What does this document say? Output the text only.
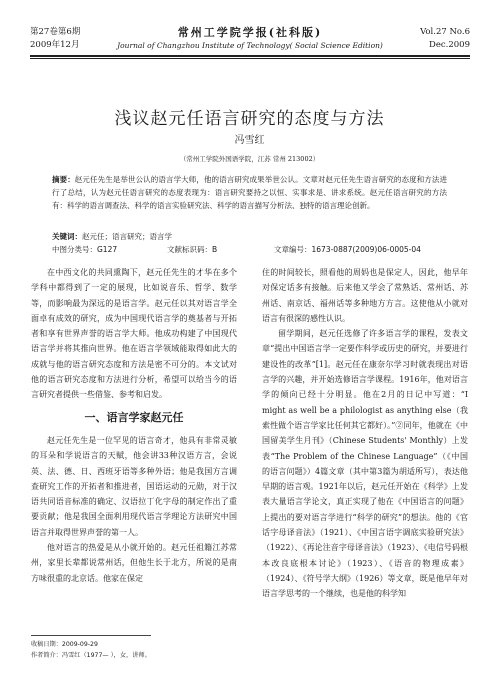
第27卷第6期	常州工学院学报(社科版)	Vol.27 No.6
2009年12月	Journal of Changzhou Institute of Technology( Social Science Edition)	Dec.2009
浅议赵元任语言研究的态度与方法
冯雪红
（常州工学院外国语学院，江苏 常州 213002）
摘要：赵元任先生是举世公认的语言学大师，他的语言研究成果举世公认。文章对赵元任先生语言研究的态度和方法进行了总结，认为赵元任语言研究的态度表现为：语言研究要持之以恒、实事求是、讲求系统。赵元任语言研究的方法有：科学的语言调查法、科学的语言实验研究法、科学的语言描写分析法、独特的语言理论创新。
关键词：赵元任；语言研究；语言学
中图分类号：G127	文献标识码：B	文章编号：1673-0887(2009)06-0005-04

在中西文化的共同熏陶下，赵元任先生的才华在多个学科中都得到了一定的展现，比如说音乐、哲学、数学等，而影响最为深远的是语言学。赵元任以其对语言学全面卓有成效的研究，成为中国现代语言学的奠基者与开拓者和享有世界声誉的语言学大师。他成功构建了中国现代语言学并将其推向世界。他在语言学领域能取得如此大的成就与他的语言研究态度和方法是密不可分的。本文试对他的语言研究态度和方法进行分析，希望可以给当今的语言研究者提供一些借鉴、参考和启发。

一、语言学家赵元任

赵元任先生是一位罕见的语言奇才，他具有非常灵敏的耳朵和学说语言的天赋，他会讲33种汉语方言，会说英、法、德、日、西班牙语等多种外语；他是我国方言调查研究工作的开拓者和推进者，国语运动的元勋，对于汉语共同语音标准的确定、汉语拉丁化字母的制定作出了重要贡献；他是我国全面利用现代语言学理论方法研究中国语言并取得世界声誉的第一人。

他对语言的热爱是从小就开始的。赵元任祖籍江苏常州，家里长辈都说常州话，但他生长于北方，所说的是南方味很重的北京话。他家在保定

住的时间较长，照看他的周妈也是保定人，因此，他早年对保定话多有接触。后来他又学会了常熟话、常州话、苏州话、南京话、福州话等多种地方方言。这使他从小就对语言有很深的感性认识。

留学期间，赵元任选修了许多语言学的课程，发表文章“提出中国语言学一定要作科学或历史的研究，并要进行建设性的改革”[1]。赵元任在康奈尔学习时就表现出对语言学的兴趣，并开始选修语言学课程。1916年，他对语言学的倾向已经十分明显。他在2月的日记中写道：“I might as well be a philologist as anything else（我索性做个语言学家比任何其它都好）。”②同年，他就在《中国留美学生月刊》（Chinese Students' Monthly）上发表“The Problem of the Chinese Language”（《中国的语言问题》）4篇文章（其中第3篇为胡适所写），表达他早期的语言观。1921年以后，赵元任开始在《科学》上发表大量语言学论文，真正实现了他在《中国语言的问题》上提出的要对语言学进行“科学的研究”的想法。他的《官话字母译音法》（1921）、《中国言语字调底实验研究法》（1922）、《再论注音字母译音法》（1923）、《电信号码根本改良底根本讨论》（1923）、《语音的物理成素》（1924）、《符号学大纲》（1926）等文章，既是他早年对语言学思考的一个继续，也是他的科学知

收稿日期：2009-09-29
作者简介：冯雪红（1977— ），女，讲师。
